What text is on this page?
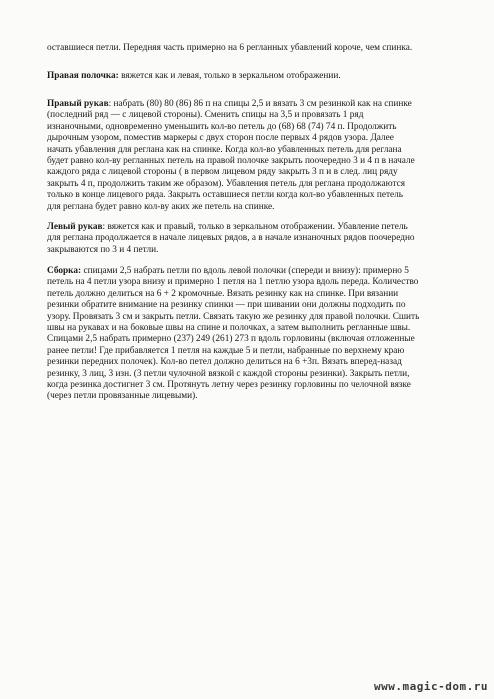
оставшиеся петли. Передняя часть примерно на 6 регланных убавлений короче, чем спинка.

Правая полочка: вяжется как и левая, только в зеркальном отображении.

Правый рукав: набрать (80) 80 (86) 86 п на спицы 2,5 и вязать 3 см резинкой как на спинке
(последний ряд — с лицевой стороны). Сменить спицы на 3,5 и провязать 1 ряд
изнаночными, одновременно уменьшить кол-во петель до (68) 68 (74) 74 п. Продолжить
дырочным узором, поместив маркеры с двух сторон после первых 4 рядов узора. Далее
начать убавления для реглана как на спинке. Когда кол-во убавленных петель для реглана
будет равно кол-ву регланных петель на правой полочке закрыть поочередно 3 и 4 п в начале
каждого ряда с лицевой стороны ( в первом лицевом ряду закрыть 3 п и в след. лиц ряду
закрыть 4 п, продолжить таким же образом). Убавления петель для реглана продолжаются
только в конце лицевого ряда. Закрыть оставшиеся петли когда кол-во убавленных петель
для реглана будет равно кол-ву аких же петель на спинке.

Левый рукав: вяжется как и правый, только в зеркальном отображении. Убавление петель
для реглана продолжается в начале лицевых рядов, а в начале изнаночных рядов поочередно
закрываются по 3 и 4 петли.

Сборка: спицами 2,5 набрать петли по вдоль левой полочки (спереди и внизу): примерно 5
петель на 4 петли узора внизу и примерно 1 петля на 1 петлю узора вдоль переда. Количество
петель должно делиться на 6 + 2 кромочные. Вязать резинку как на спинке. При вязании
резинки обратите внимание на резинку спинки — при шивании они должны подходить по
узору. Провязать 3 см и закрыть петли. Связать такую же резинку для правой полочки. Сшить
швы на рукавах и на боковые швы на спине и полочках, а затем выполнить регланные швы.
Спицами 2,5 набрать примерно (237) 249 (261) 273 п вдоль горловины (включая отложенные
ранее петли! Где прибавляется 1 петля на каждые 5 и петли, набранные по верхнему краю
резинки передних полочек). Кол-во петел должно делиться на 6 +3п. Вязать вперед-назад
резинку, 3 лиц, 3 изн. (3 петли чулочной вязкой с каждой стороны резинки). Закрыть петли,
когда резинка достигнет 3 см. Протянуть летну через резинку горловины по челочной вязке
(через петли провязанные лицевыми).

www.magic-dom.ru
